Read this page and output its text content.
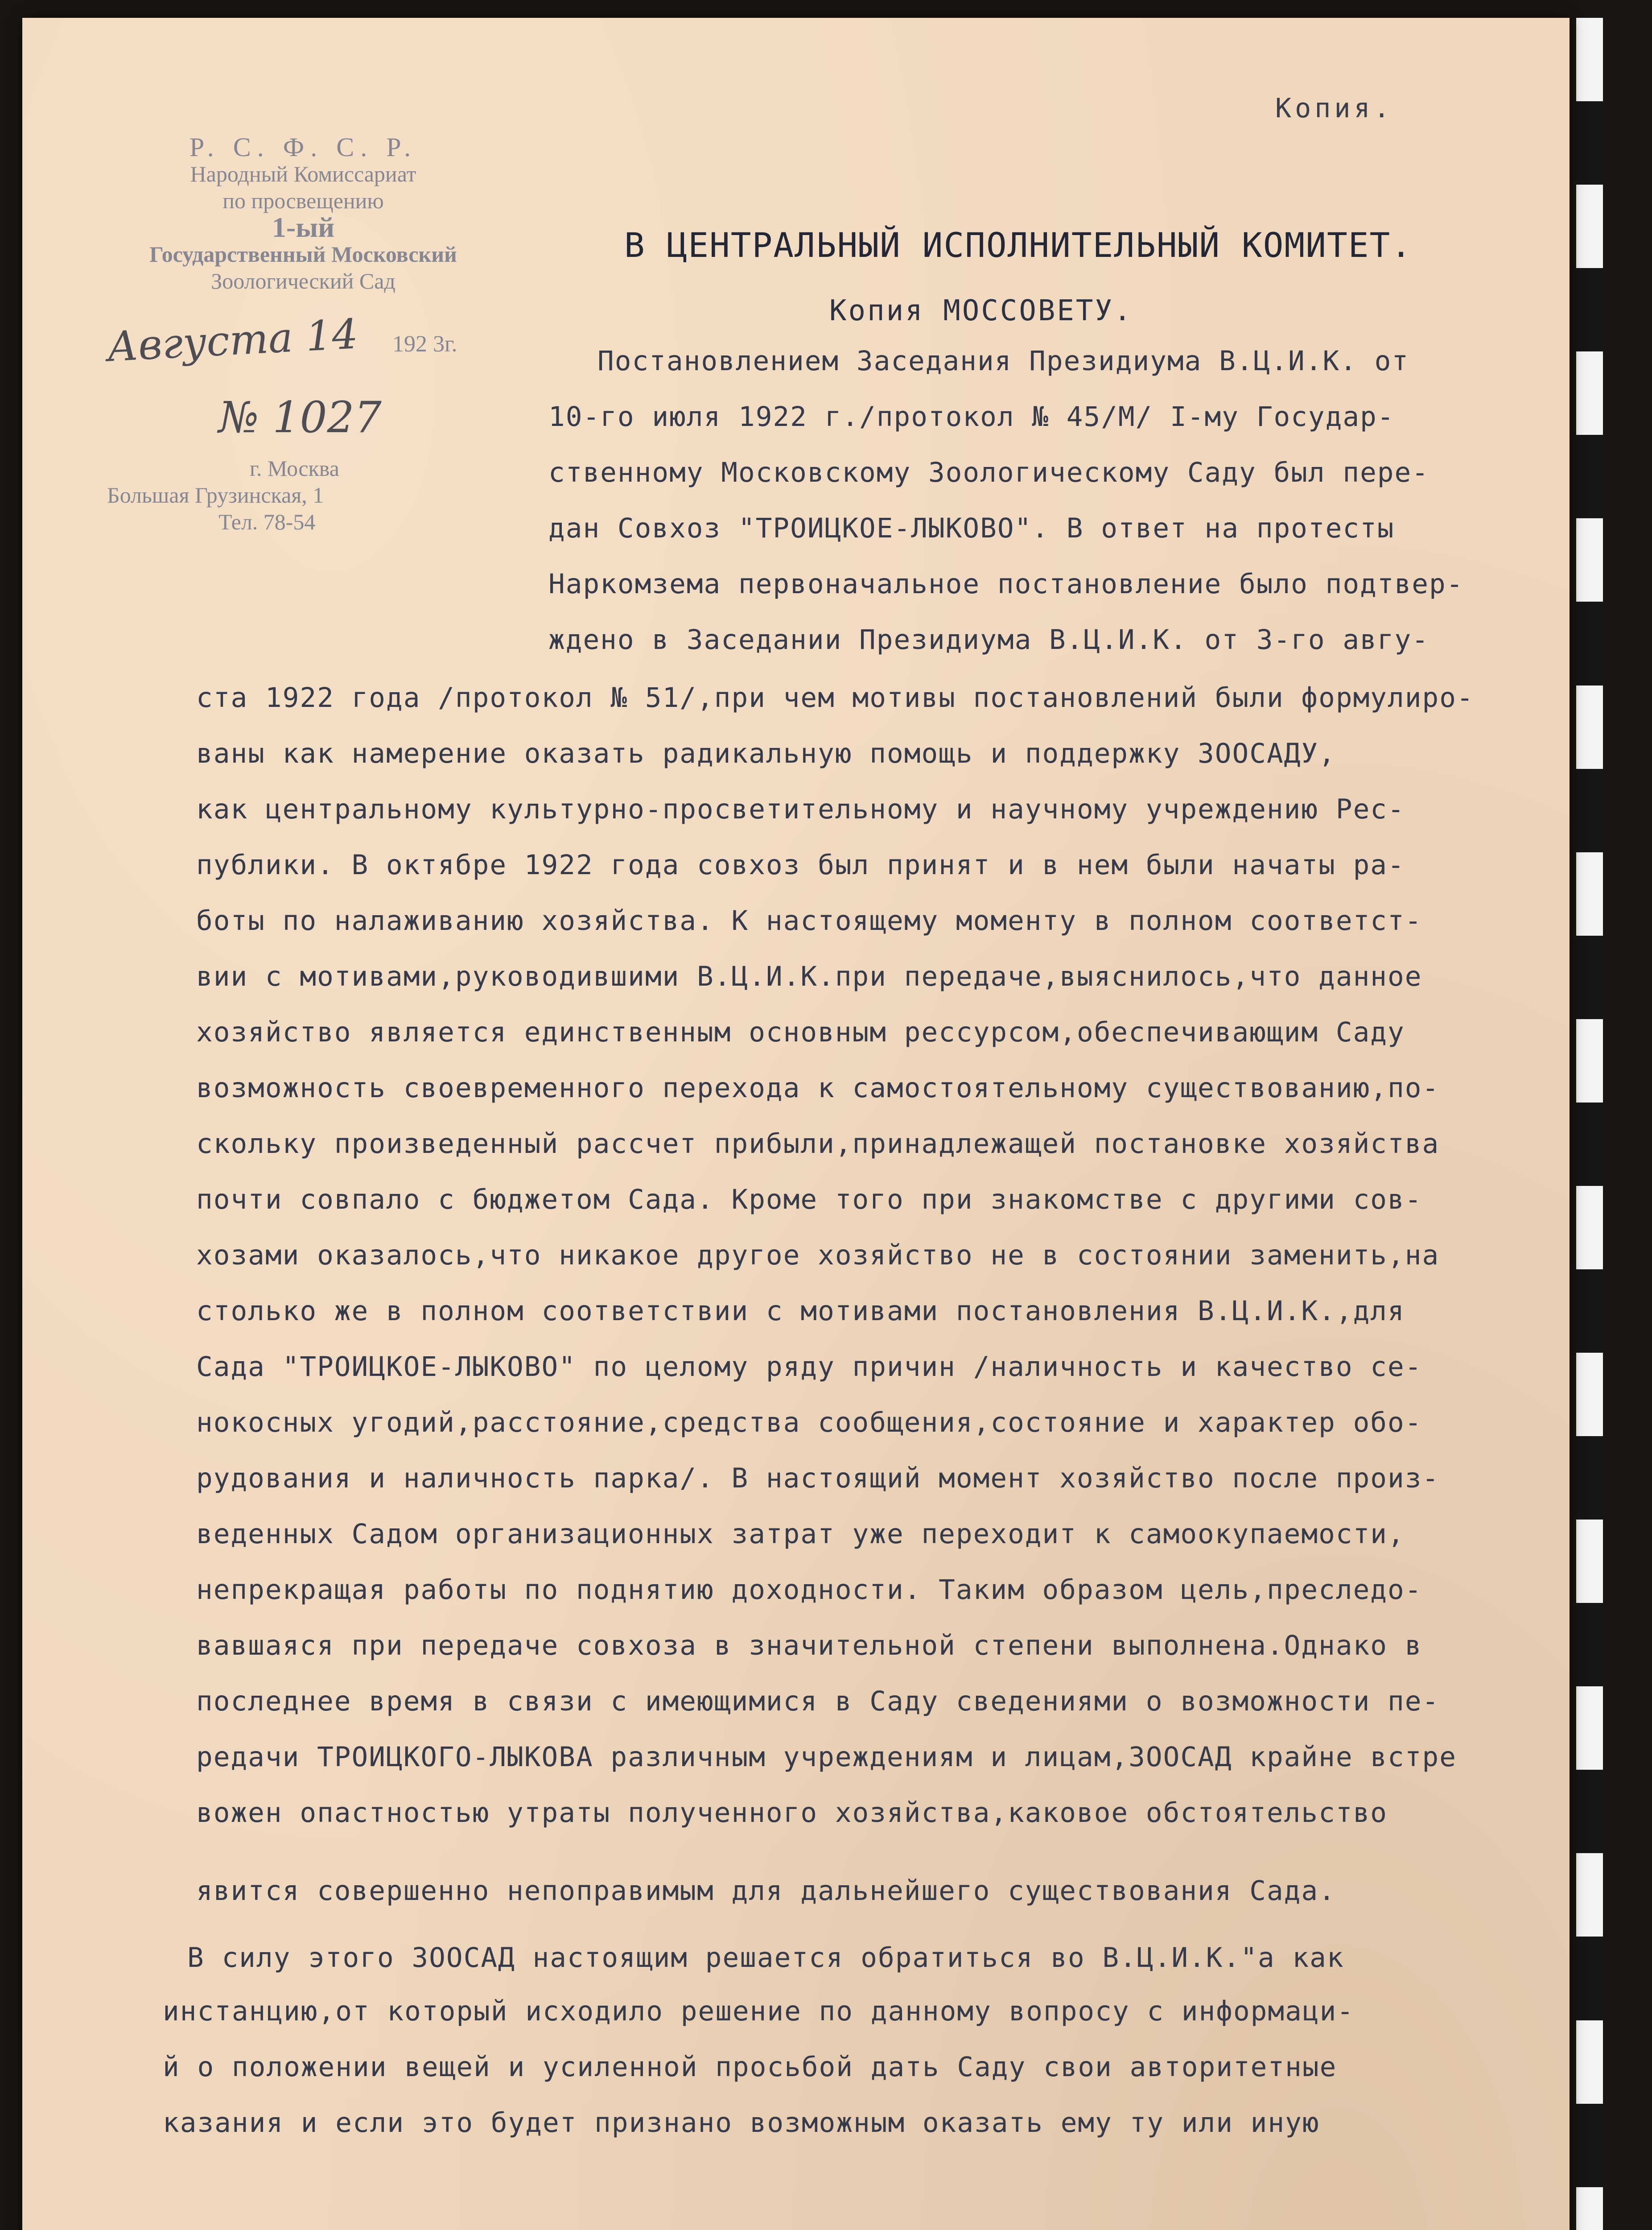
Копия.
Р. С. Ф. С. Р.
Народный Комиссариат
по просвещению
1-ый
Государственный Московский
Зоологический Сад
Августа 14 192 3г.
№ 1027
г. Москва
Большая Грузинская, 1
Тел. 78-54
В ЦЕНТРАЛЬНЫЙ ИСПОЛНИТЕЛЬНЫЙ КОМИТЕТ.
Копия МОССОВЕТУ.
Постановлением Заседания Президиума В.Ц.И.К. от
10-го июля 1922 г./протокол № 45/М/ I-му Государ-
ственному Московскому Зоологическому Саду был пере-
дан Совхоз "ТРОИЦКОЕ-ЛЫКОВО". В ответ на протесты
Наркомзема первоначальное постановление было подтвер-
ждено в Заседании Президиума В.Ц.И.К. от 3-го авгу-
ста 1922 года /протокол № 51/,при чем мотивы постановлений были формулиро-
ваны как намерение оказать радикальную помощь и поддержку ЗООСАДУ,
как центральному культурно-просветительному и научному учреждению Рес-
публики. В октябре 1922 года совхоз был принят и в нем были начаты ра-
боты по налаживанию хозяйства. К настоящему моменту в полном соответст-
вии с мотивами,руководившими В.Ц.И.К.при передаче,выяснилось,что данное
хозяйство является единственным основным рессурсом,обеспечивающим Саду
возможность своевременного перехода к самостоятельному существованию,по-
скольку произведенный рассчет прибыли,принадлежащей постановке хозяйства
почти совпало с бюджетом Сада. Кроме того при знакомстве с другими сов-
хозами оказалось,что никакое другое хозяйство не в состоянии заменить,на
столько же в полном соответствии с мотивами постановления В.Ц.И.К.,для
Сада "ТРОИЦКОЕ-ЛЫКОВО" по целому ряду причин /наличность и качество се-
нокосных угодий,расстояние,средства сообщения,состояние и характер обо-
рудования и наличность парка/. В настоящий момент хозяйство после произ-
веденных Садом организационных затрат уже переходит к самоокупаемости,
непрекращая работы по поднятию доходности. Таким образом цель,преследо-
вавшаяся при передаче совхоза в значительной степени выполнена.Однако в
последнее время в связи с имеющимися в Саду сведениями о возможности пе-
редачи ТРОИЦКОГО-ЛЫКОВА различным учреждениям и лицам,ЗООСАД крайне встре
вожен опастностью утраты полученного хозяйства,каковое обстоятельство
явится совершенно непоправимым для дальнейшего существования Сада.
В силу этого ЗООСАД настоящим решается обратиться во В.Ц.И.К."а как
инстанцию,от который исходило решение по данному вопросу с информаци-
й о положении вещей и усиленной просьбой дать Саду свои авторитетные
казания и если это будет признано возможным оказать ему ту или иную
